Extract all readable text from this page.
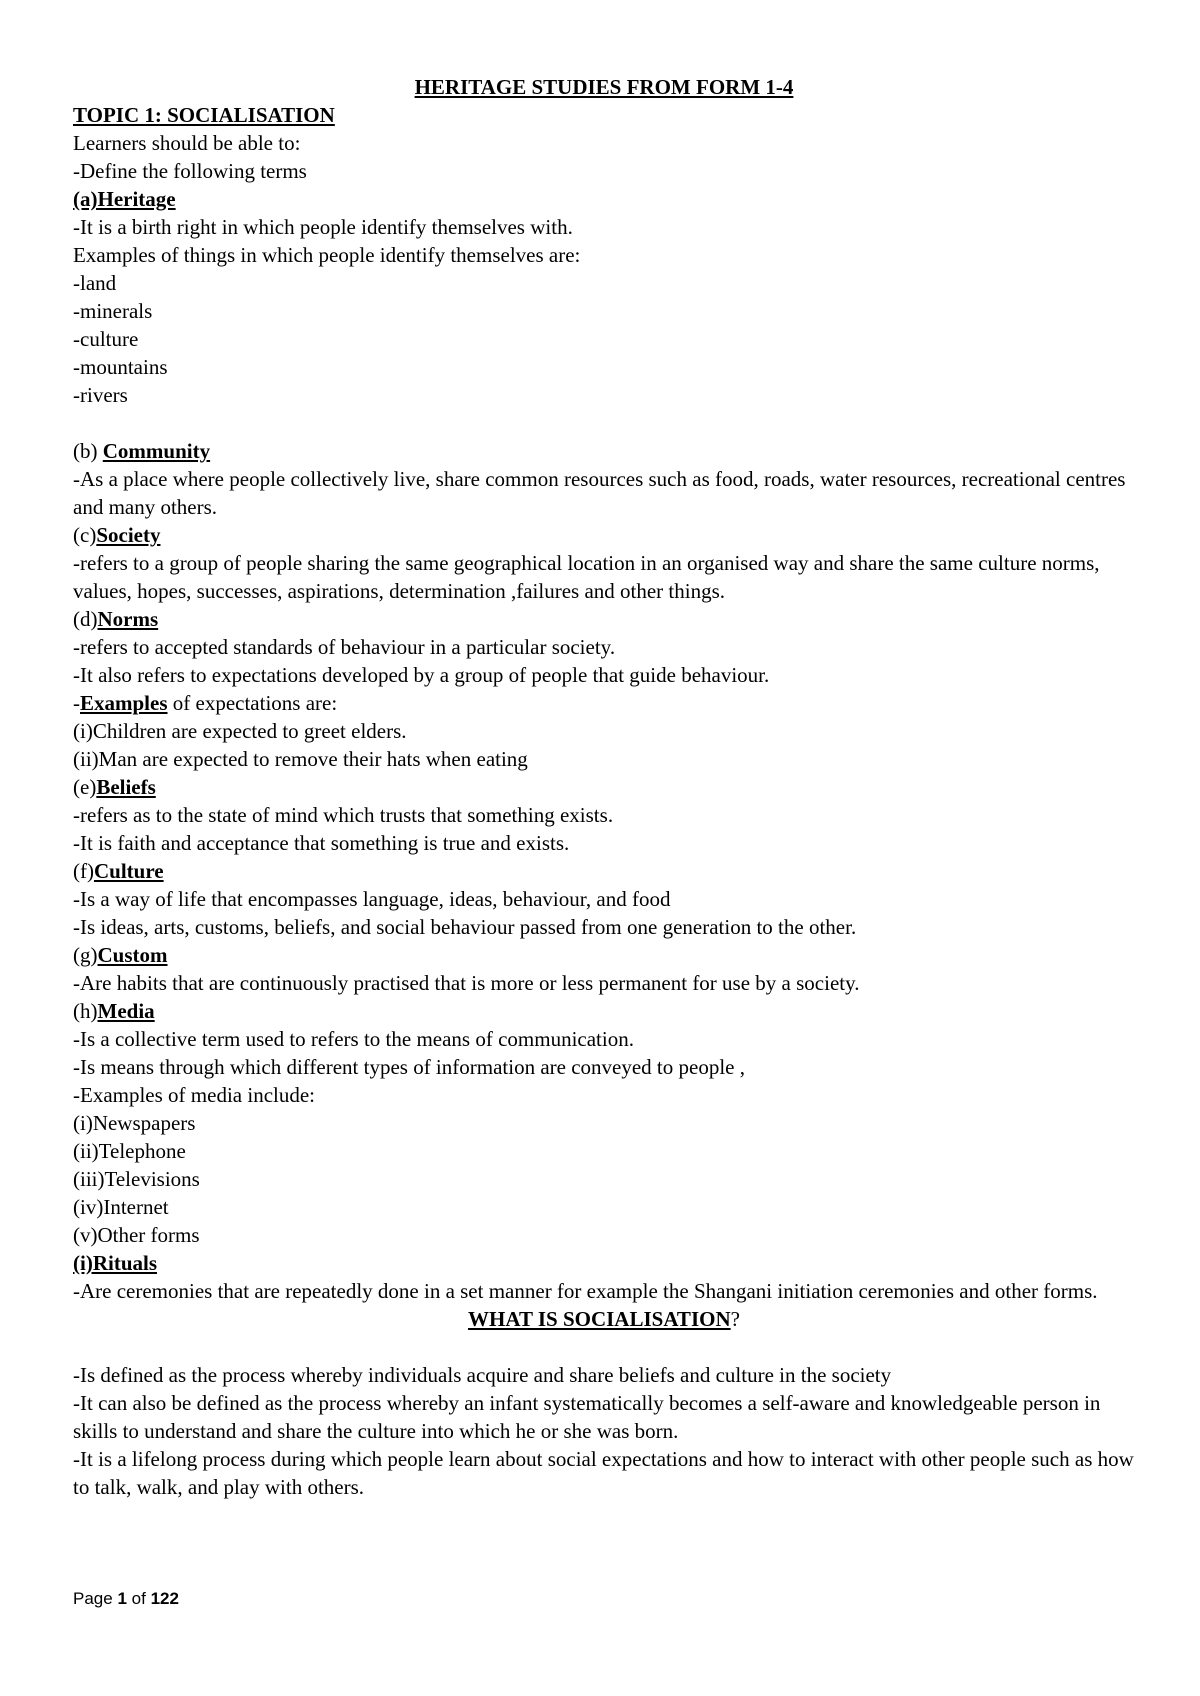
HERITAGE STUDIES FROM FORM 1-4

TOPIC 1: SOCIALISATION

Learners should be able to:

-Define the following terms

(a)Heritage

-It is a birth right in which people identify themselves with.

Examples of things in which people identify themselves are:

-land

-minerals

-culture

-mountains

-rivers

(b) Community

-As a place where people collectively live, share common resources such as food, roads, water resources, recreational centres and many others.

(c)Society

-refers to a group of people sharing the same geographical location in an organised way and share the same culture norms, values, hopes, successes, aspirations, determination ,failures and other things.

(d)Norms

-refers to accepted standards of behaviour in a particular society.

-It also refers to expectations developed by a group of people that guide behaviour.

-Examples of expectations are:

(i)Children are expected to greet elders.

(ii)Man are expected to remove their hats when eating

(e)Beliefs

-refers as to the state of mind which trusts that something exists.

-It is faith and acceptance that something is true and exists.

(f)Culture

-Is a way of life that encompasses language, ideas, behaviour, and food

-Is ideas, arts, customs, beliefs, and social behaviour passed from one generation to the other.

(g)Custom

-Are habits that are continuously practised that is more or less permanent for use by a society.

(h)Media

-Is a collective term used to refers to the means of communication.

-Is means through which different types of information are conveyed to people ,

-Examples of media include:

(i)Newspapers

(ii)Telephone

(iii)Televisions

(iv)Internet

(v)Other forms

(i)Rituals

-Are ceremonies that are repeatedly done in a set manner for example the Shangani initiation ceremonies and other forms.

WHAT IS SOCIALISATION?

-Is defined as the process whereby individuals acquire and share beliefs and culture in the society

-It can also be defined as the process whereby an infant systematically becomes a self-aware and knowledgeable person in skills to understand and share the culture into which he or she was born.

-It is a lifelong process during which people learn about social expectations and how to interact with other people such as how to talk, walk, and play with others.

Page 1 of 122
